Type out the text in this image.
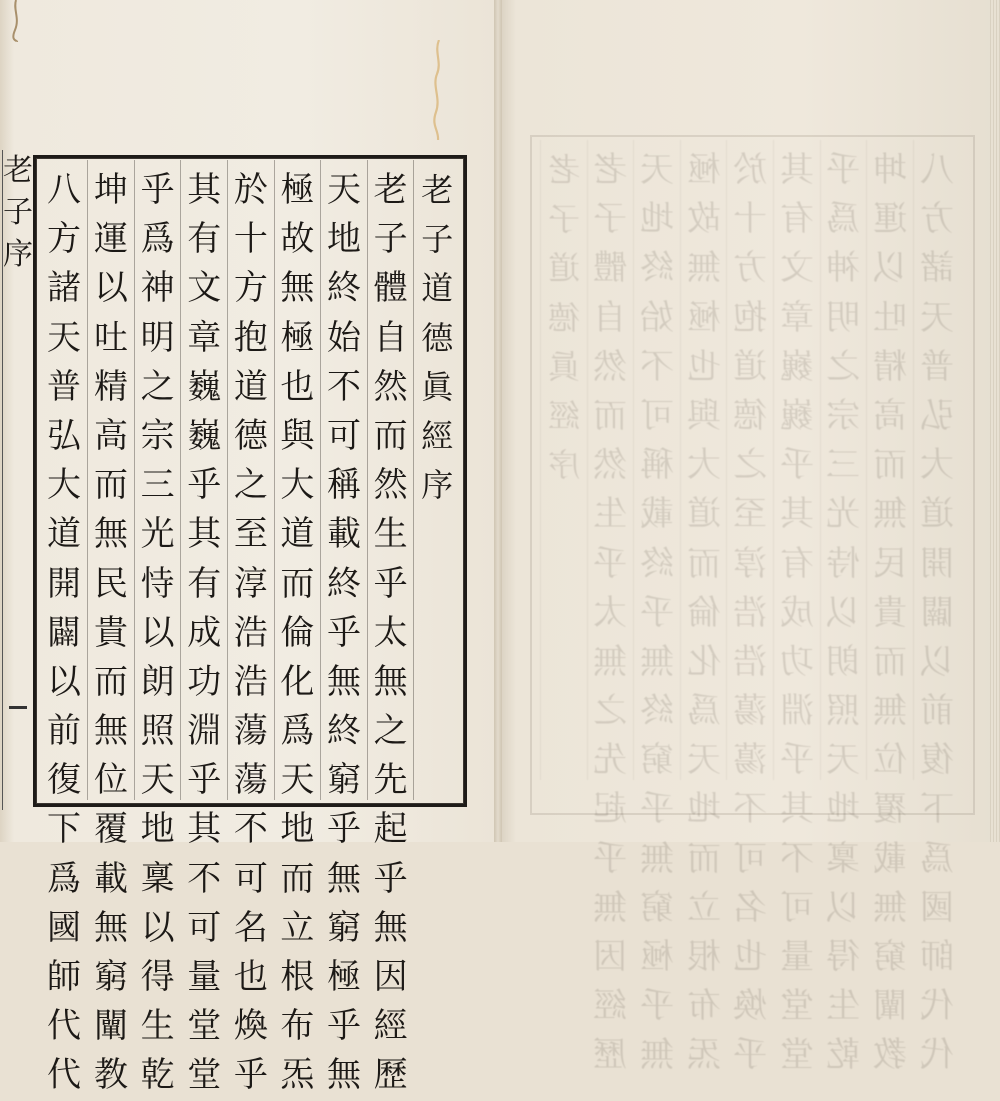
老
子
序
老
子
道
德
眞
經
序
老
子
體
自
然
而
然
生
乎
太
無
之
先
起
乎
無
因
經
歷
天
地
終
始
不
可
稱
載
終
乎
無
終
窮
乎
無
窮
極
乎
無
極
故
無
極
也
與
大
道
而
倫
化
爲
天
地
而
立
根
布
炁
於
十
方
抱
道
德
之
至
淳
浩
浩
蕩
蕩
不
可
名
也
煥
乎
其
有
文
章
巍
巍
乎
其
有
成
功
淵
乎
其
不
可
量
堂
堂
乎
爲
神
明
之
宗
三
光
恃
以
朗
照
天
地
稟
以
得
生
乾
坤
運
以
吐
精
高
而
無
民
貴
而
無
位
覆
載
無
窮
闡
教
八
方
諸
天
普
弘
大
道
開
闢
以
前
復
下
爲
國
師
代
代
老
子
道
德
眞
經
序
老
子
體
自
然
而
然
生
乎
太
無
之
先
起
乎
無
因
經
歷
天
地
終
始
不
可
稱
載
終
乎
無
終
窮
乎
無
窮
極
乎
無
極
故
無
極
也
與
大
道
而
倫
化
爲
天
地
而
立
根
布
炁
於
十
方
抱
道
德
之
至
淳
浩
浩
蕩
蕩
不
可
名
也
煥
乎
其
有
文
章
巍
巍
乎
其
有
成
功
淵
乎
其
不
可
量
堂
堂
乎
爲
神
明
之
宗
三
光
恃
以
朗
照
天
地
稟
以
得
生
乾
坤
運
以
吐
精
高
而
無
民
貴
而
無
位
覆
載
無
窮
闡
教
八
方
諸
天
普
弘
大
道
開
闢
以
前
復
下
爲
國
師
代
代
